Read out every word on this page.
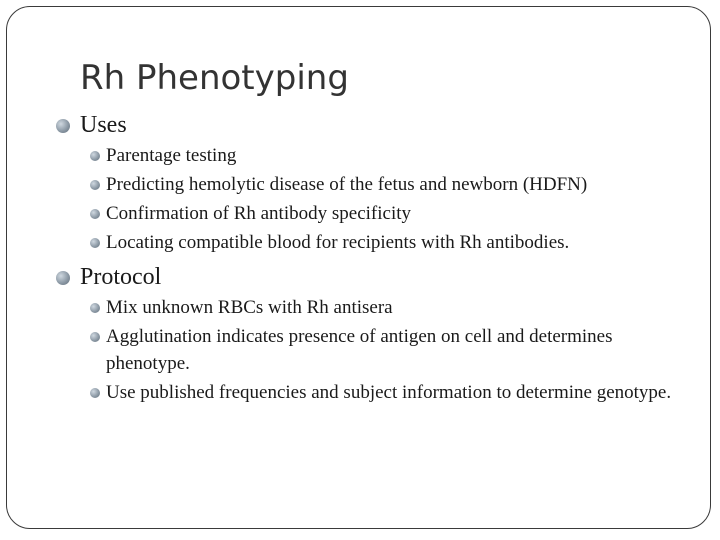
Rh Phenotyping
Uses
Parentage testing
Predicting hemolytic disease of the fetus and newborn (HDFN)
Confirmation of Rh antibody specificity
Locating compatible blood for recipients with Rh antibodies.
Protocol
Mix unknown RBCs with Rh antisera
Agglutination indicates presence of antigen on cell and determines phenotype.
Use published frequencies and subject information to determine genotype.
